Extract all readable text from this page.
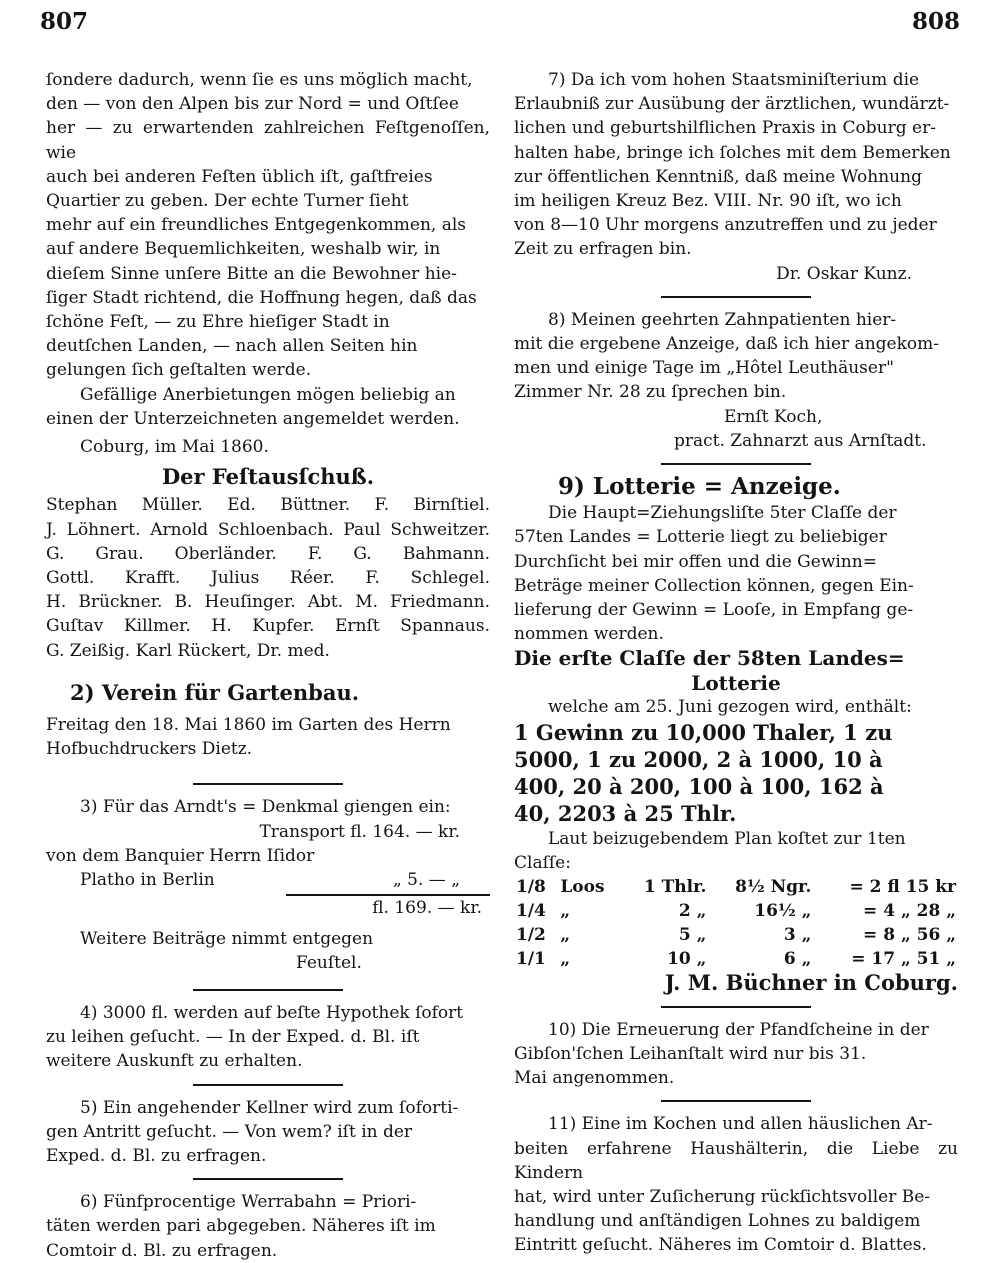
807	808

ſondere dadurch, wenn ſie es uns möglich macht,

den — von den Alpen bis zur Nord = und Oſtſee

her — zu erwartenden zahlreichen Feſtgenoſſen, wie

auch bei anderen Feſten üblich iſt, gaſtfreies

Quartier zu geben. Der echte Turner ſieht

mehr auf ein freundliches Entgegenkommen, als

auf andere Bequemlichkeiten, weshalb wir, in

dieſem Sinne unſere Bitte an die Bewohner hie-

ſiger Stadt richtend, die Hoffnung hegen, daß das

ſchöne Feſt, — zu Ehre hieſiger Stadt in

deutſchen Landen, — nach allen Seiten hin

gelungen ſich geſtalten werde.

Gefällige Anerbietungen mögen beliebig an

einen der Unterzeichneten angemeldet werden.

Coburg, im Mai 1860.

Der Feſtausſchuß.

Stephan Müller. Ed. Büttner. F. Birnſtiel.

J. Löhnert. Arnold Schloenbach. Paul Schweitzer.

G. Grau. Oberländer. F. G. Bahmann.

Gottl. Krafft. Julius Réer. F. Schlegel.

H. Brückner. B. Heuſinger. Abt. M. Friedmann.

Guſtav Killmer. H. Kupfer. Ernſt Spannaus.

G. Zeißig. Karl Rückert, Dr. med.

2) Verein für Gartenbau.

Freitag den 18. Mai 1860 im Garten des Herrn

Hofbuchdruckers Dietz.

3) Für das Arndt's = Denkmal giengen ein:

Transport fl. 164. — kr.

von dem Banquier Herrn Iſidor

Platho in Berlin	„ 5. — „

fl. 169. — kr.

Weitere Beiträge nimmt entgegen

Feuſtel.

4) 3000 fl. werden auf beſte Hypothek ſofort

zu leihen geſucht. — In der Exped. d. Bl. iſt

weitere Auskunft zu erhalten.

5) Ein angehender Kellner wird zum ſoforti-

gen Antritt geſucht. — Von wem? iſt in der

Exped. d. Bl. zu erfragen.

6) Fünfprocentige Werrabahn = Priori-

täten werden pari abgegeben. Näheres iſt im

Comtoir d. Bl. zu erfragen.

7) Da ich vom hohen Staatsminiſterium die

Erlaubniß zur Ausübung der ärztlichen, wundärzt-

lichen und geburtshilflichen Praxis in Coburg er-

halten habe, bringe ich ſolches mit dem Bemerken

zur öffentlichen Kenntniß, daß meine Wohnung

im heiligen Kreuz Bez. VIII. Nr. 90 iſt, wo ich

von 8—10 Uhr morgens anzutreffen und zu jeder

Zeit zu erfragen bin.

Dr. Oskar Kunz.

8) Meinen geehrten Zahnpatienten hier-

mit die ergebene Anzeige, daß ich hier angekom-

men und einige Tage im „Hôtel Leuthäuser"

Zimmer Nr. 28 zu ſprechen bin.

Ernſt Koch,

pract. Zahnarzt aus Arnſtadt.

9) Lotterie = Anzeige.

Die Haupt=Ziehungsliſte 5ter Claſſe der

57ten Landes = Lotterie liegt zu beliebiger

Durchſicht bei mir offen und die Gewinn=

Beträge meiner Collection können, gegen Ein-

lieferung der Gewinn = Looſe, in Empfang ge-

nommen werden.

Die erſte Claſſe der 58ten Landes=

Lotterie

welche am 25. Juni gezogen wird, enthält:

1 Gewinn zu 10,000 Thaler, 1 zu

5000, 1 zu 2000, 2 à 1000, 10 à

400, 20 à 200, 100 à 100, 162 à

40, 2203 à 25 Thlr.

Laut beizugebendem Plan koſtet zur 1ten

Claſſe:

1/8	Loos	1 Thlr.	8½ Ngr.	= 2 fl 15 kr
1/4	„	2 „	16½ „	= 4 „ 28 „
1/2	„	5 „	3 „	= 8 „ 56 „
1/1	„	10 „	6 „	= 17 „ 51 „

J. M. Büchner in Coburg.

10) Die Erneuerung der Pfandſcheine in der

Gibſon'ſchen Leihanſtalt wird nur bis 31.

Mai angenommen.

11) Eine im Kochen und allen häuslichen Ar-

beiten erfahrene Haushälterin, die Liebe zu Kindern

hat, wird unter Zuſicherung rückſichtsvoller Be-

handlung und anſtändigen Lohnes zu baldigem

Eintritt geſucht. Näheres im Comtoir d. Blattes.
